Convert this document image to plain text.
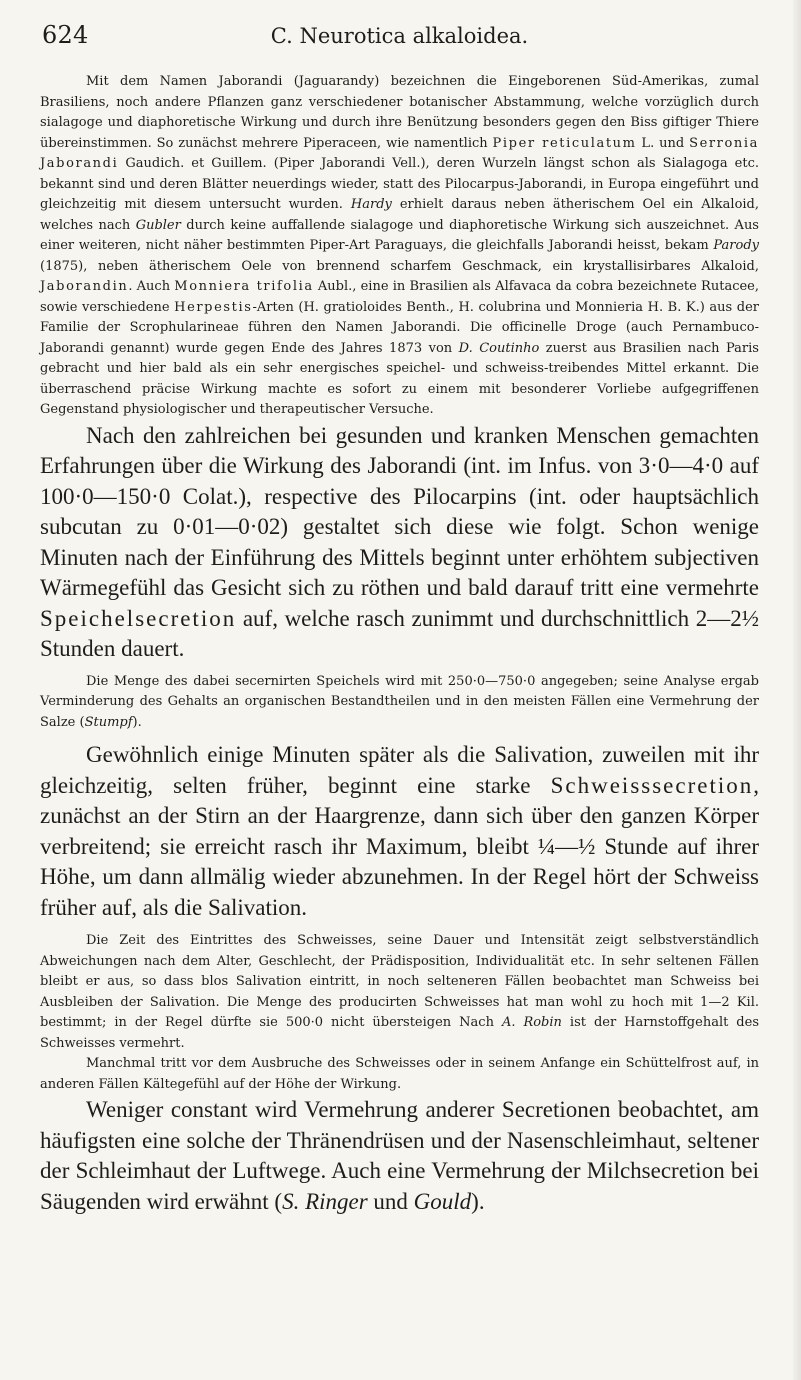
624	C. Neurotica alkaloidea.

Mit dem Namen Jaborandi (Jaguarandy) bezeichnen die Eingeborenen Süd-Amerikas, zumal Brasiliens, noch andere Pflanzen ganz verschiedener botanischer Abstammung, welche vorzüglich durch sialagoge und diaphoretische Wirkung und durch ihre Benützung besonders gegen den Biss giftiger Thiere übereinstimmen. So zunächst mehrere Piperaceen, wie namentlich Piper reticulatum L. und Serronia Jaborandi Gaudich. et Guillem. (Piper Jaborandi Vell.), deren Wurzeln längst schon als Sialagoga etc. bekannt sind und deren Blätter neuerdings wieder, statt des Pilocarpus-Jaborandi, in Europa eingeführt und gleichzeitig mit diesem untersucht wurden. Hardy erhielt daraus neben ätherischem Oel ein Alkaloid, welches nach Gubler durch keine auffallende sialagoge und diaphoretische Wirkung sich auszeichnet. Aus einer weiteren, nicht näher bestimmten Piper-Art Paraguays, die gleichfalls Jaborandi heisst, bekam Parody (1875), neben ätherischem Oele von brennend scharfem Geschmack, ein krystallisirbares Alkaloid, Jaborandin. Auch Monniera trifolia Aubl., eine in Brasilien als Alfavaca da cobra bezeichnete Rutacee, sowie verschiedene Herpestis-Arten (H. gratioloides Benth., H. colubrina und Monnieria H. B. K.) aus der Familie der Scrophularineae führen den Namen Jaborandi. Die officinelle Droge (auch Pernambuco-Jaborandi genannt) wurde gegen Ende des Jahres 1873 von D. Coutinho zuerst aus Brasilien nach Paris gebracht und hier bald als ein sehr energisches speichel- und schweiss-treibendes Mittel erkannt. Die überraschend präcise Wirkung machte es sofort zu einem mit besonderer Vorliebe aufgegriffenen Gegenstand physiologischer und therapeutischer Versuche.

Nach den zahlreichen bei gesunden und kranken Menschen gemachten Erfahrungen über die Wirkung des Jaborandi (int. im Infus. von 3·0—4·0 auf 100·0—150·0 Colat.), respective des Pilocarpins (int. oder hauptsächlich subcutan zu 0·01—0·02) gestaltet sich diese wie folgt. Schon wenige Minuten nach der Einführung des Mittels beginnt unter erhöhtem subjectiven Wärmegefühl das Gesicht sich zu röthen und bald darauf tritt eine vermehrte Speichelsecretion auf, welche rasch zunimmt und durchschnittlich 2—2½ Stunden dauert.

Die Menge des dabei secernirten Speichels wird mit 250·0—750·0 angegeben; seine Analyse ergab Verminderung des Gehalts an organischen Bestandtheilen und in den meisten Fällen eine Vermehrung der Salze (Stumpf).

Gewöhnlich einige Minuten später als die Salivation, zuweilen mit ihr gleichzeitig, selten früher, beginnt eine starke Schweisssecretion, zunächst an der Stirn an der Haargrenze, dann sich über den ganzen Körper verbreitend; sie erreicht rasch ihr Maximum, bleibt ¼—½ Stunde auf ihrer Höhe, um dann allmälig wieder abzunehmen. In der Regel hört der Schweiss früher auf, als die Salivation.

Die Zeit des Eintrittes des Schweisses, seine Dauer und Intensität zeigt selbstverständlich Abweichungen nach dem Alter, Geschlecht, der Prädisposition, Individualität etc. In sehr seltenen Fällen bleibt er aus, so dass blos Salivation eintritt, in noch selteneren Fällen beobachtet man Schweiss bei Ausbleiben der Salivation. Die Menge des producirten Schweisses hat man wohl zu hoch mit 1—2 Kil. bestimmt; in der Regel dürfte sie 500·0 nicht übersteigen Nach A. Robin ist der Harnstoffgehalt des Schweisses vermehrt.

Manchmal tritt vor dem Ausbruche des Schweisses oder in seinem Anfange ein Schüttelfrost auf, in anderen Fällen Kältegefühl auf der Höhe der Wirkung.

Weniger constant wird Vermehrung anderer Secretionen beobachtet, am häufigsten eine solche der Thränendrüsen und der Nasenschleimhaut, seltener der Schleimhaut der Luftwege. Auch eine Vermehrung der Milchsecretion bei Säugenden wird erwähnt (S. Ringer und Gould).
